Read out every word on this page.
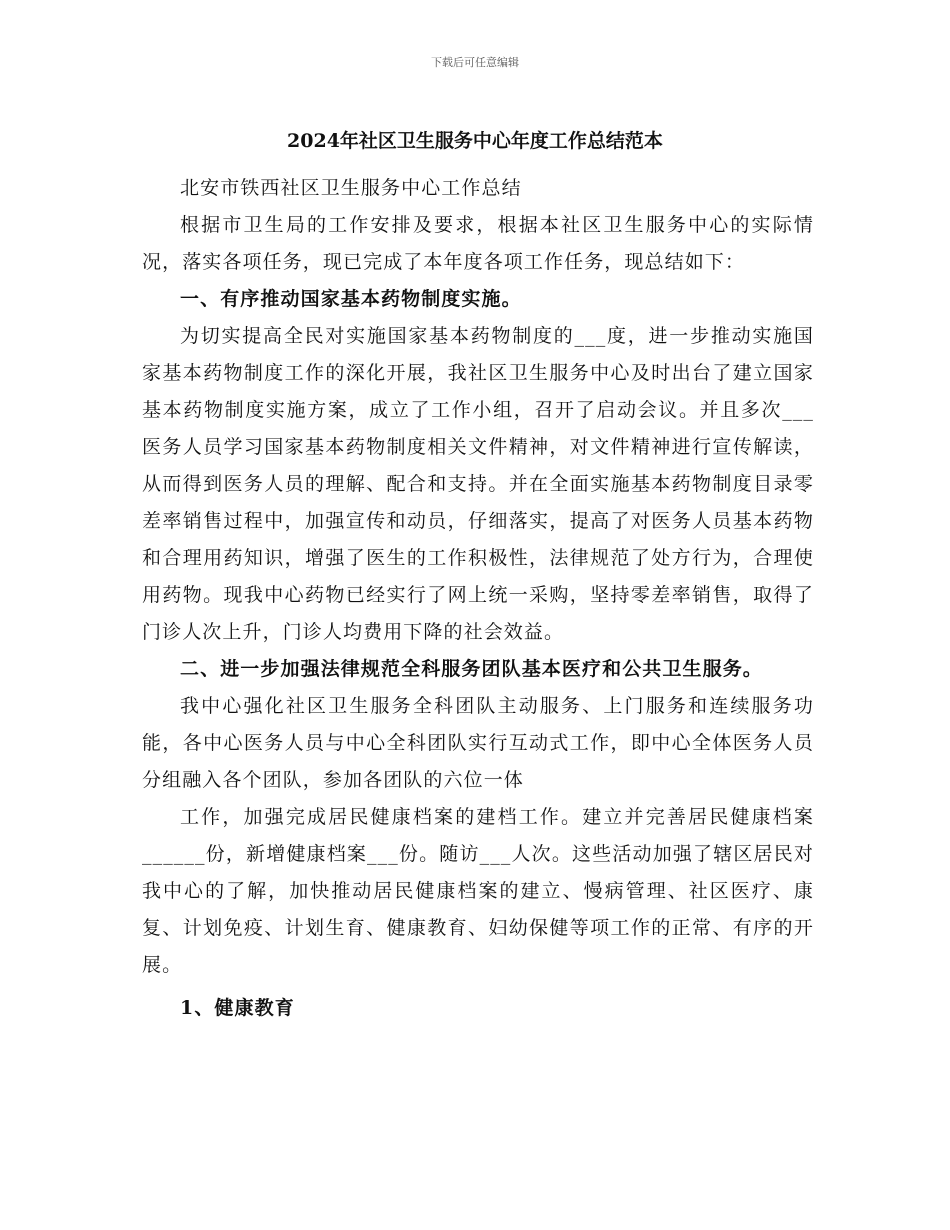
下载后可任意编辑
2024年社区卫生服务中心年度工作总结范本

北安市铁西社区卫生服务中心工作总结

根据市卫生局的工作安排及要求，根据本社区卫生服务中心的实际情况，落实各项任务，现已完成了本年度各项工作任务，现总结如下：

一、有序推动国家基本药物制度实施。

为切实提高全民对实施国家基本药物制度的___度，进一步推动实施国家基本药物制度工作的深化开展，我社区卫生服务中心及时出台了建立国家基本药物制度实施方案，成立了工作小组，召开了启动会议。并且多次___医务人员学习国家基本药物制度相关文件精神，对文件精神进行宣传解读，从而得到医务人员的理解、配合和支持。并在全面实施基本药物制度目录零差率销售过程中，加强宣传和动员，仔细落实，提高了对医务人员基本药物和合理用药知识，增强了医生的工作积极性，法律规范了处方行为，合理使用药物。现我中心药物已经实行了网上统一采购，坚持零差率销售，取得了门诊人次上升，门诊人均费用下降的社会效益。

二、进一步加强法律规范全科服务团队基本医疗和公共卫生服务。

我中心强化社区卫生服务全科团队主动服务、上门服务和连续服务功能，各中心医务人员与中心全科团队实行互动式工作，即中心全体医务人员分组融入各个团队，参加各团队的六位一体

工作，加强完成居民健康档案的建档工作。建立并完善居民健康档案______份，新增健康档案___份。随访___人次。这些活动加强了辖区居民对我中心的了解，加快推动居民健康档案的建立、慢病管理、社区医疗、康复、计划免疫、计划生育、健康教育、妇幼保健等项工作的正常、有序的开展。

1、健康教育
